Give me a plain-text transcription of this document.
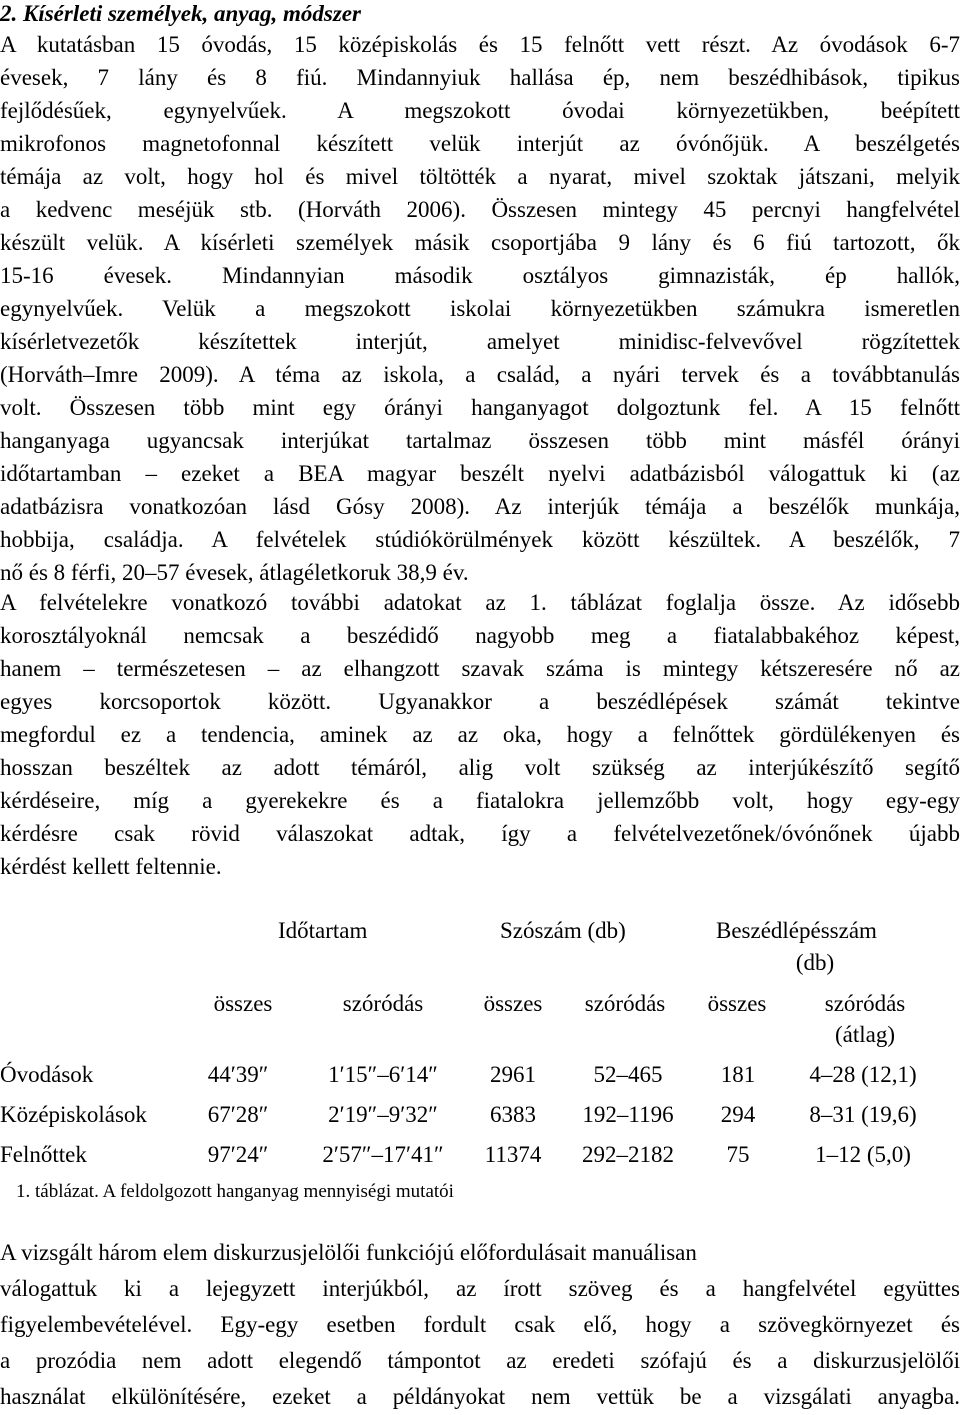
2. Kísérleti személyek, anyag, módszer
A kutatásban 15 óvodás, 15 középiskolás és 15 felnőtt vett részt. Az óvodások 6-7
évesek, 7 lány és 8 fiú. Mindannyiuk hallása ép, nem beszédhibások, tipikus
fejlődésűek, egynyelvűek. A megszokott óvodai környezetükben, beépített
mikrofonos magnetofonnal készített velük interjút az óvónőjük. A beszélgetés
témája az volt, hogy hol és mivel töltötték a nyarat, mivel szoktak játszani, melyik
a kedvenc meséjük stb. (Horváth 2006). Összesen mintegy 45 percnyi hangfelvétel
készült velük. A kísérleti személyek másik csoportjába 9 lány és 6 fiú tartozott, ők
15-16 évesek. Mindannyian második osztályos gimnazisták, ép hallók,
egynyelvűek. Velük a megszokott iskolai környezetükben számukra ismeretlen
kísérletvezetők készítettek interjút, amelyet minidisc-felvevővel rögzítettek
(Horváth–Imre 2009). A téma az iskola, a család, a nyári tervek és a továbbtanulás
volt. Összesen több mint egy órányi hanganyagot dolgoztunk fel. A 15 felnőtt
hanganyaga ugyancsak interjúkat tartalmaz összesen több mint másfél órányi
időtartamban – ezeket a BEA magyar beszélt nyelvi adatbázisból válogattuk ki (az
adatbázisra vonatkozóan lásd Gósy 2008). Az interjúk témája a beszélők munkája,
hobbija, családja. A felvételek stúdiókörülmények között készültek. A beszélők, 7
nő és 8 férfi, 20–57 évesek, átlagéletkoruk 38,9 év.
A felvételekre vonatkozó további adatokat az 1. táblázat foglalja össze. Az idősebb
korosztályoknál nemcsak a beszédidő nagyobb meg a fiatalabbakéhoz képest,
hanem – természetesen – az elhangzott szavak száma is mintegy kétszeresére nő az
egyes korcsoportok között. Ugyanakkor a beszédlépések számát tekintve
megfordul ez a tendencia, aminek az az oka, hogy a felnőttek gördülékenyen és
hosszan beszéltek az adott témáról, alig volt szükség az interjúkészítő segítő
kérdéseire, míg a gyerekekre és a fiatalokra jellemzőbb volt, hogy egy-egy
kérdésre csak rövid válaszokat adtak, így a felvételvezetőnek/óvónőnek újabb
kérdést kellett feltennie.
Időtartam	Szószám (db)	Beszédlépésszám
(db)
összes	szóródás	összes	szóródás	összes	szóródás
(átlag)
Óvodások	44′39″	1′15″–6′14″	2961	52–465	181	4–28 (12,1)
Középiskolások	67′28″	2′19″–9′32″	6383	192–1196	294	8–31 (19,6)
Felnőttek	97′24″	2′57″–17′41″	11374	292–2182	75	1–12 (5,0)
1. táblázat. A feldolgozott hanganyag mennyiségi mutatói
A vizsgált három elem diskurzusjelölői funkciójú előfordulásait manuálisan
válogattuk ki a lejegyzett interjúkból, az írott szöveg és a hangfelvétel együttes
figyelembevételével. Egy-egy esetben fordult csak elő, hogy a szövegkörnyezet és
a prozódia nem adott elegendő támpontot az eredeti szófajú és a diskurzusjelölői
használat elkülönítésére, ezeket a példányokat nem vettük be a vizsgálati anyagba.
